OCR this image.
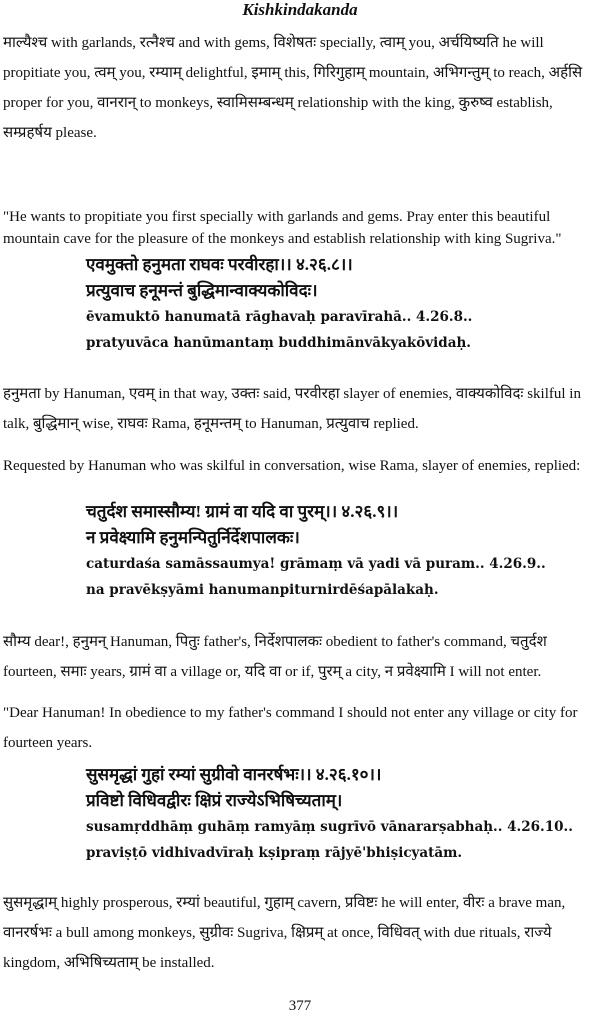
Kishkindakanda

माल्यैश्च with garlands, रत्नैश्च and with gems, विशेषतः specially, त्वाम् you, अर्चयिष्यति he will propitiate you, त्वम् you, रम्याम् delightful, इमाम् this, गिरिगुहाम् mountain, अभिगन्तुम् to reach, अर्हसि proper for you, वानरान् to monkeys, स्वामिसम्बन्धम् relationship with the king, कुरुष्व establish, सम्प्रहर्षय please.

"He wants to propitiate you first specially with garlands and gems. Pray enter this beautiful mountain cave for the pleasure of the monkeys and establish relationship with king Sugriva."

एवमुक्तो हनुमता राघवः परवीरहा।। ४.२६.८।।
प्रत्युवाच हनूमन्तं बुद्धिमान्वाक्यकोविदः।
ēvamuktō hanumatā rāghavaḥ paravīrahā.. 4.26.8..
pratyuvāca hanūmantaṃ buddhimānvākyakōvidaḥ.

हनुमता by Hanuman, एवम् in that way, उक्तः said, परवीरहा slayer of enemies, वाक्यकोविदः skilful in talk, बुद्धिमान् wise, राघवः Rama, हनूमन्तम् to Hanuman, प्रत्युवाच replied.

Requested by Hanuman who was skilful in conversation, wise Rama, slayer of enemies, replied:

चतुर्दश समास्सौम्य! ग्रामं वा यदि वा पुरम्।। ४.२६.९।।
न प्रवेक्ष्यामि हनुमन्पितुर्निर्देशपालकः।
caturdaśa samāssaumya! grāmaṃ vā yadi vā puram.. 4.26.9..
na pravēkṣyāmi hanumanpiturnirdēśapālakaḥ.

सौम्य dear!, हनुमन् Hanuman, पितुः father's, निर्देशपालकः obedient to father's command, चतुर्दश fourteen, समाः years, ग्रामं वा a village or, यदि वा or if, पुरम् a city, न प्रवेक्ष्यामि I will not enter.

"Dear Hanuman! In obedience to my father's command I should not enter any village or city for fourteen years.

सुसमृद्धां गुहां रम्यां सुग्रीवो वानरर्षभः।। ४.२६.१०।।
प्रविष्टो विधिवद्वीरः क्षिप्रं राज्येऽभिषिच्यताम्।
susamṛddhāṃ guhāṃ ramyāṃ sugrīvō vānararṣabhaḥ.. 4.26.10..
praviṣṭō vidhivadvīraḥ kṣipraṃ rājyē'bhiṣicyatām.

सुसमृद्धाम् highly prosperous, रम्यां beautiful, गुहाम् cavern, प्रविष्टः he will enter, वीरः a brave man, वानरर्षभः a bull among monkeys, सुग्रीवः Sugriva, क्षिप्रम् at once, विधिवत् with due rituals, राज्ये kingdom, अभिषिच्यताम् be installed.

377
